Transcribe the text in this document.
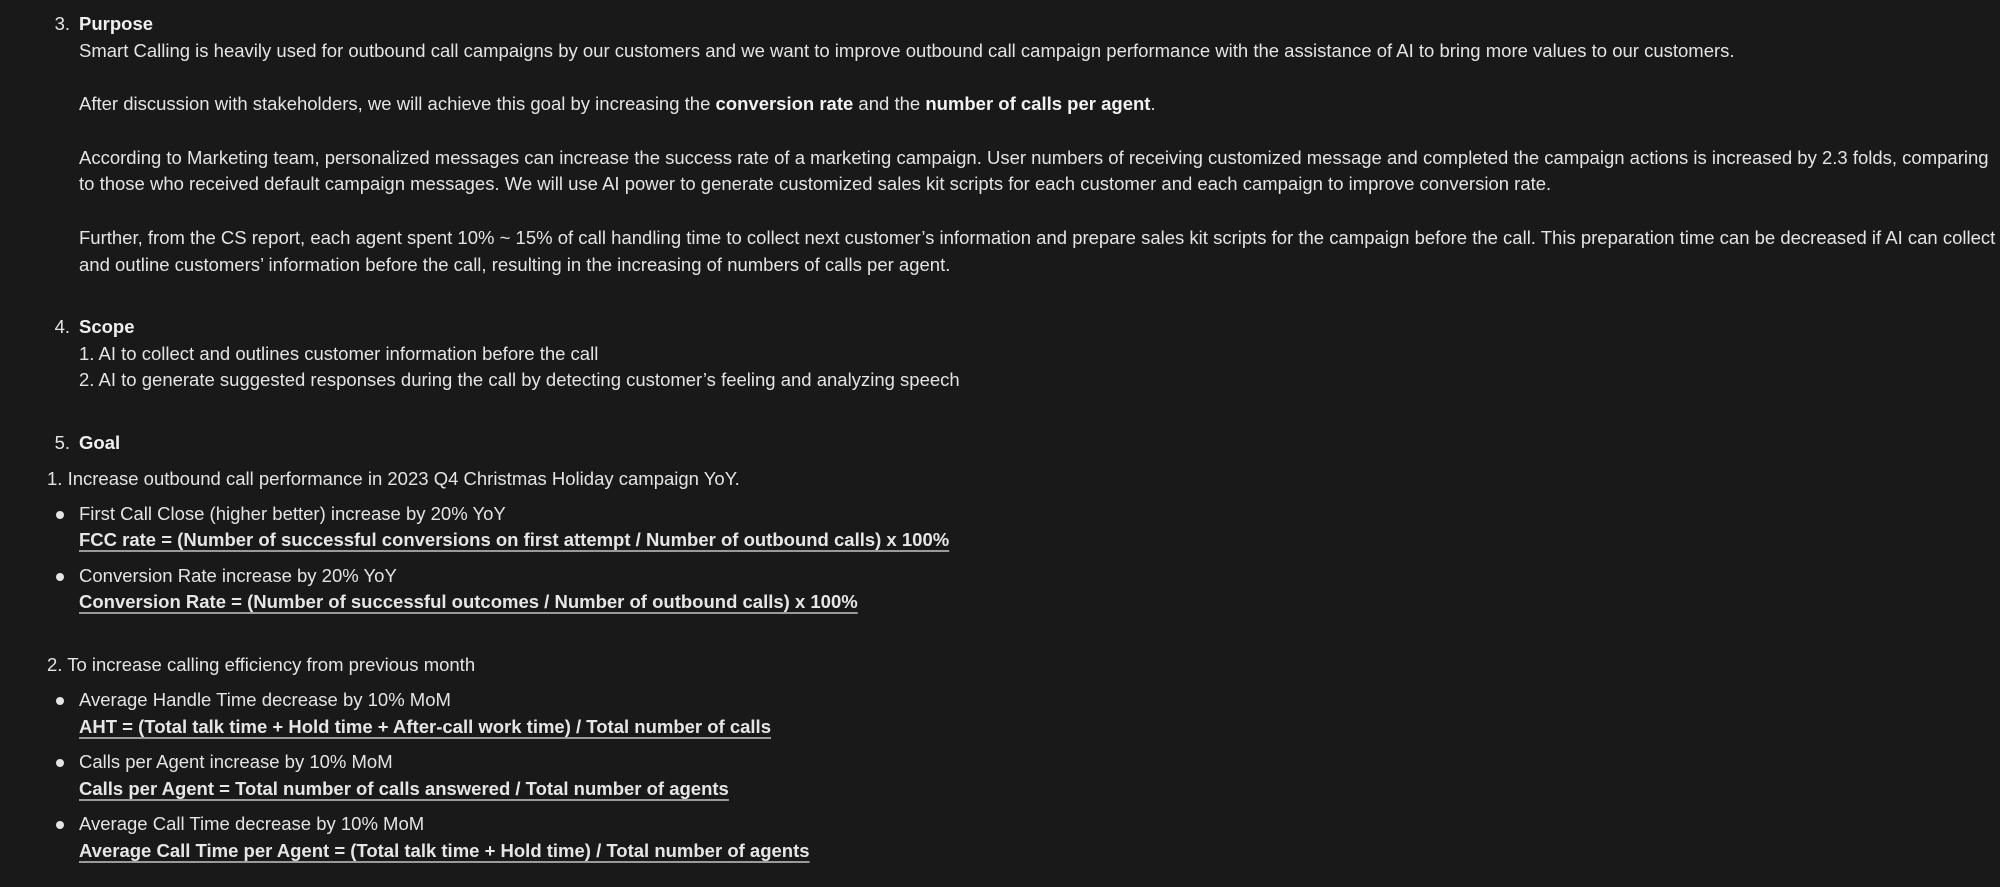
3. Purpose
Smart Calling is heavily used for outbound call campaigns by our customers and we want to improve outbound call campaign performance with the assistance of AI to bring more values to our customers.
After discussion with stakeholders, we will achieve this goal by increasing the conversion rate and the number of calls per agent.
According to Marketing team, personalized messages can increase the success rate of a marketing campaign. User numbers of receiving customized message and completed the campaign actions is increased by 2.3 folds, comparing
to those who received default campaign messages. We will use AI power to generate customized sales kit scripts for each customer and each campaign to improve conversion rate.
Further, from the CS report, each agent spent 10% ~ 15% of call handling time to collect next customer’s information and prepare sales kit scripts for the campaign before the call. This preparation time can be decreased if AI can collect
and outline customers’ information before the call, resulting in the increasing of numbers of calls per agent.
4. Scope
1. AI to collect and outlines customer information before the call
2. AI to generate suggested responses during the call by detecting customer’s feeling and analyzing speech
5. Goal
1. Increase outbound call performance in 2023 Q4 Christmas Holiday campaign YoY.
First Call Close (higher better) increase by 20% YoY
FCC rate = (Number of successful conversions on first attempt / Number of outbound calls) x 100%
Conversion Rate increase by 20% YoY
Conversion Rate = (Number of successful outcomes / Number of outbound calls) x 100%
2. To increase calling efficiency from previous month
Average Handle Time decrease by 10% MoM
AHT = (Total talk time + Hold time + After-call work time) / Total number of calls
Calls per Agent increase by 10% MoM
Calls per Agent = Total number of calls answered / Total number of agents
Average Call Time decrease by 10% MoM
Average Call Time per Agent = (Total talk time + Hold time) / Total number of agents
